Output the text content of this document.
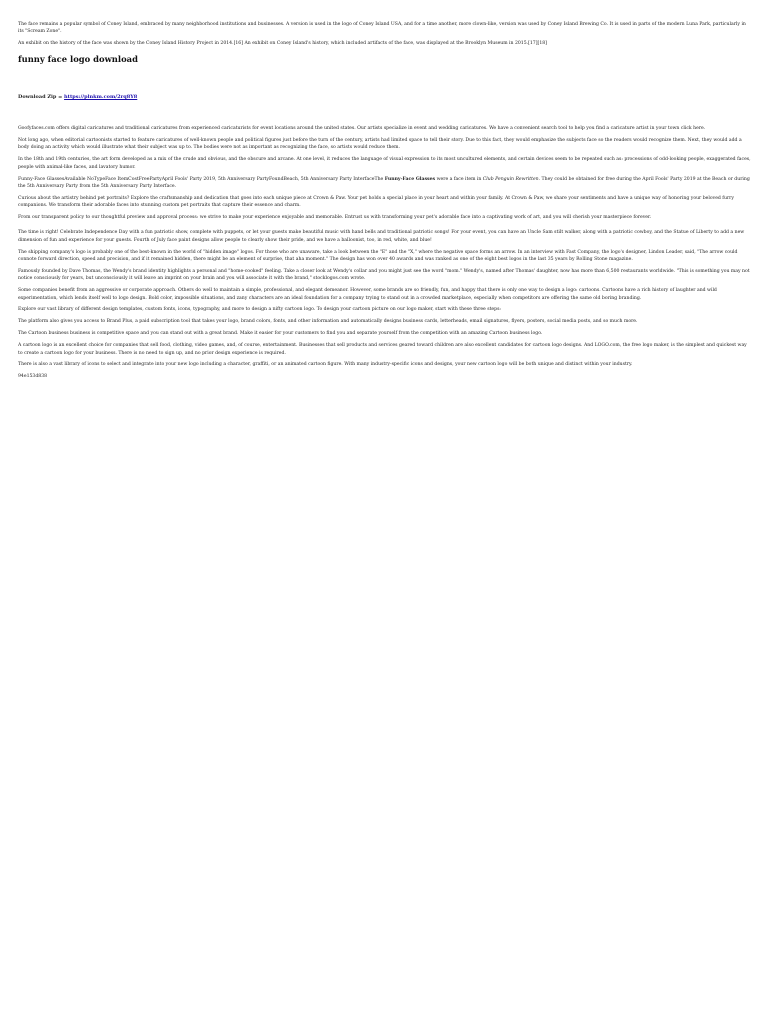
The face remains a popular symbol of Coney Island, embraced by many neighborhood institutions and businesses. A version is used in the logo of Coney Island USA, and for a time another, more clown-like, version was used by Coney Island Brewing Co. It is used in parts of the modern Luna Park, particularly in its "Scream Zone".

An exhibit on the history of the face was shown by the Coney Island History Project in 2014.[16] An exhibit on Coney Island's history, which included artifacts of the face, was displayed at the Brooklyn Museum in 2015.[17][18]

funny face logo download

Download Zip = https://plnkm.com/2rq8Y8

Goofyfaces.com offers digital caricatures and traditional caricatures from experienced caricaturists for event locations around the united states. Our artists specialize in event and wedding caricatures. We have a convenient search tool to help you find a caricature artist in your town click here.

Not long ago, when editorial cartoonists started to feature caricatures of well-known people and political figures just before the turn of the century, artists had limited space to tell their story. Due to this fact, they would emphasize the subjects face so the readers would recognize them. Next, they would add a body doing an activity which would illustrate what their subject was up to. The bodies were not as important as recognizing the face, so artists would reduce them.

In the 18th and 19th centuries, the art form developed as a mix of the crude and obvious, and the obscure and arcane. At one level, it reduces the language of visual expression to its most uncultured elements, and certain devices seem to be repeated such as: processions of odd-looking people, exaggerated faces, people with animal-like faces, and lavatory humor.

Funny-Face GlassesAvailable NoTypeFace ItemCostFreePartyApril Fools' Party 2019, 5th Anniversary PartyFoundBeach, 5th Anniversary Party InterfaceThe Funny-Face Glasses were a face item in Club Penguin Rewritten. They could be obtained for free during the April Fools' Party 2019 at the Beach or during the 5th Anniversary Party from the 5th Anniversary Party Interface.

Curious about the artistry behind pet portraits? Explore the craftsmanship and dedication that goes into each unique piece at Crown & Paw. Your pet holds a special place in your heart and within your family. At Crown & Paw, we share your sentiments and have a unique way of honoring your beloved furry companions. We transform their adorable faces into stunning custom pet portraits that capture their essence and charm.

From our transparent policy to our thoughtful preview and approval process: we strive to make your experience enjoyable and memorable. Entrust us with transforming your pet's adorable face into a captivating work of art, and you will cherish your masterpiece forever.

The time is right! Celebrate Independence Day with a fun patriotic show, complete with puppets, or let your guests make beautiful music with hand bells and traditional patriotic songs! For your event, you can have an Uncle Sam stilt walker, along with a patriotic cowboy, and the Statue of Liberty to add a new dimension of fun and experience for your guests. Fourth of July face paint designs allow people to clearly show their pride, and we have a balloonist, too, in red, white, and blue!

The shipping company's logo is probably one of the best-known in the world of "hidden image" logos. For those who are unaware, take a look between the "E" and the "X," where the negative space forms an arrow. In an interview with Fast Company, the logo's designer, Lindon Leader, said, "The arrow could connote forward direction, speed and precision, and if it remained hidden, there might be an element of surprise, that aha moment." The design has won over 40 awards and was ranked as one of the eight best logos in the last 35 years by Rolling Stone magazine.

Famously founded by Dave Thomas, the Wendy's brand identity highlights a personal and "home-cooked" feeling. Take a closer look at Wendy's collar and you might just see the word "mom." Wendy's, named after Thomas' daughter, now has more than 6,500 restaurants worldwide. "This is something you may not notice consciously for years, but unconsciously it will leave an imprint on your brain and you will associate it with the brand," stocklogos.com wrote.

Some companies benefit from an aggressive or corporate approach. Others do well to maintain a simple, professional, and elegant demeanor. However, some brands are so friendly, fun, and happy that there is only one way to design a logo: cartoons. Cartoons have a rich history of laughter and wild experimentation, which lends itself well to logo design. Bold color, impossible situations, and zany characters are an ideal foundation for a company trying to stand out in a crowded marketplace, especially when competitors are offering the same old boring branding.

Explore our vast library of different design templates, custom fonts, icons, typography, and more to design a nifty cartoon logo. To design your cartoon picture on our logo maker, start with these three steps:

The platform also gives you access to Brand Plus, a paid subscription tool that takes your logo, brand colors, fonts, and other information and automatically designs business cards, letterheads, email signatures, flyers, posters, social media posts, and so much more.

The Cartoon business business is competitive space and you can stand out with a great brand. Make it easier for your customers to find you and separate yourself from the competition with an amazing Cartoon business logo.

A cartoon logo is an excellent choice for companies that sell food, clothing, video games, and, of course, entertainment. Businesses that sell products and services geared toward children are also excellent candidates for cartoon logo designs. And LOGO.com, the free logo maker, is the simplest and quickest way to create a cartoon logo for your business. There is no need to sign up, and no prior design experience is required.

There is also a vast library of icons to select and integrate into your new logo including a character, graffiti, or an animated cartoon figure. With many industry-specific icons and designs, your new cartoon logo will be both unique and distinct within your industry.

94e153d838
